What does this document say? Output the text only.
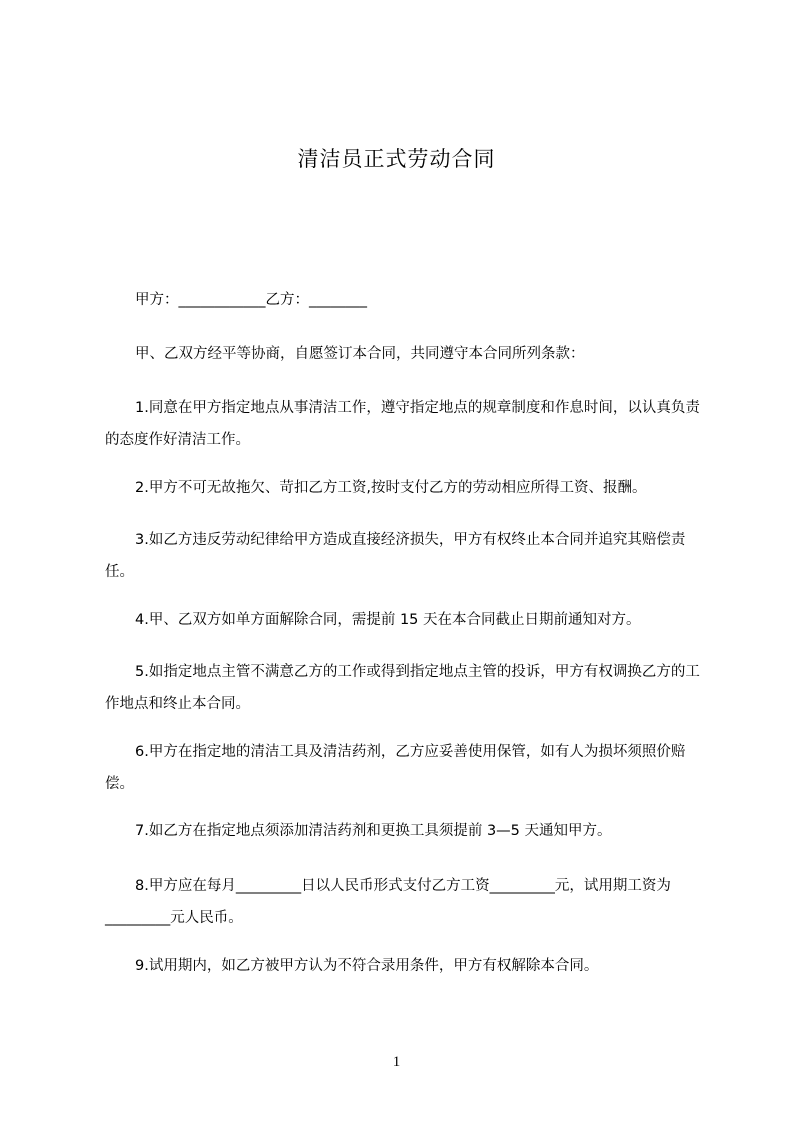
清洁员正式劳动合同
甲方：____________乙方：________
甲、乙双方经平等协商，自愿签订本合同，共同遵守本合同所列条款：
1.同意在甲方指定地点从事清洁工作，遵守指定地点的规章制度和作息时间，以认真负责的态度作好清洁工作。
2.甲方不可无故拖欠、苛扣乙方工资,按时支付乙方的劳动相应所得工资、报酬。
3.如乙方违反劳动纪律给甲方造成直接经济损失，甲方有权终止本合同并追究其赔偿责任。
4.甲、乙双方如单方面解除合同，需提前 15 天在本合同截止日期前通知对方。
5.如指定地点主管不满意乙方的工作或得到指定地点主管的投诉，甲方有权调换乙方的工作地点和终止本合同。
6.甲方在指定地的清洁工具及清洁药剂，乙方应妥善使用保管，如有人为损坏须照价赔偿。
7.如乙方在指定地点须添加清洁药剂和更换工具须提前 3—5 天通知甲方。
8.甲方应在每月_________日以人民币形式支付乙方工资_________元，试用期工资为_________元人民币。
9.试用期内，如乙方被甲方认为不符合录用条件，甲方有权解除本合同。
1
